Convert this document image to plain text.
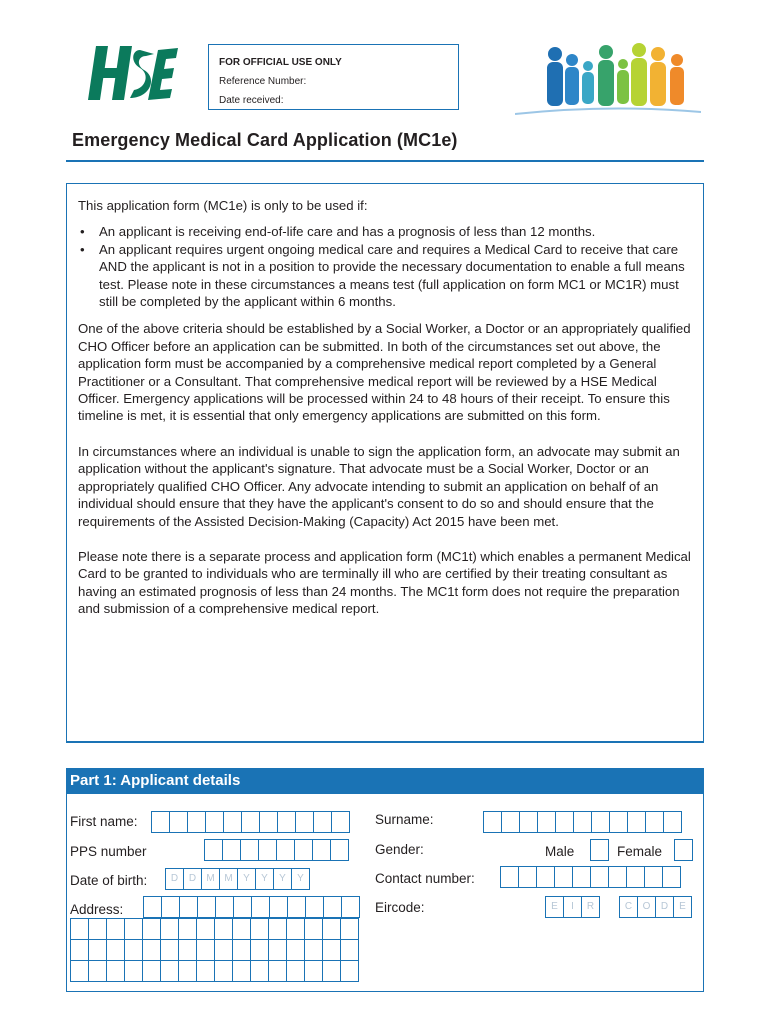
FOR OFFICIAL USE ONLY
Reference Number:
Date received:
Emergency Medical Card Application (MC1e)

This application form (MC1e) is only to be used if:

• An applicant is receiving end-of-life care and has a prognosis of less than 12 months.
• An applicant requires urgent ongoing medical care and requires a Medical Card to receive that care AND the applicant is not in a position to provide the necessary documentation to enable a full means test. Please note in these circumstances a means test (full application on form MC1 or MC1R) must still be completed by the applicant within 6 months.

One of the above criteria should be established by a Social Worker, a Doctor or an appropriately qualified CHO Officer before an application can be submitted. In both of the circumstances set out above, the application form must be accompanied by a comprehensive medical report completed by a General Practitioner or a Consultant. That comprehensive medical report will be reviewed by a HSE Medical Officer. Emergency applications will be processed within 24 to 48 hours of their receipt. To ensure this timeline is met, it is essential that only emergency applications are submitted on this form.

In circumstances where an individual is unable to sign the application form, an advocate may submit an application without the applicant's signature. That advocate must be a Social Worker, Doctor or an appropriately qualified CHO Officer. Any advocate intending to submit an application on behalf of an individual should ensure that they have the applicant's consent to do so and should ensure that the requirements of the Assisted Decision-Making (Capacity) Act 2015 have been met.

Please note there is a separate process and application form (MC1t) which enables a permanent Medical Card to be granted to individuals who are terminally ill who are certified by their treating consultant as having an estimated prognosis of less than 24 months. The MC1t form does not require the preparation and submission of a comprehensive medical report.

Part 1: Applicant details
First name:	Surname:
PPS number	Gender:	Male	Female
Date of birth:	D	D	M M	Y	Y	Y	Y	Contact number:
Address:	Eircode:	E	I	R	C	O	D	E
